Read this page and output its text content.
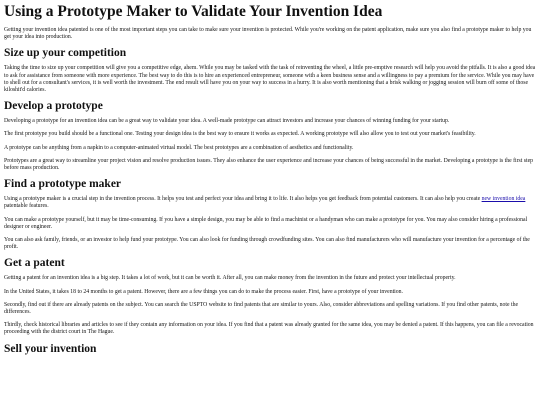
Using a Prototype Maker to Validate Your Invention Idea

Getting your invention idea patented is one of the most important steps you can take to make sure your invention is protected. While you're working on the patent application, make sure you also find a prototype maker to help you get your idea into production.

Size up your competition

Taking the time to size up your competition will give you a competitive edge, ahem. While you may be tasked with the task of reinventing the wheel, a little pre-emptive research will help you avoid the pitfalls. It is also a good idea to ask for assistance from someone with more experience. The best way to do this is to hire an experienced entrepreneur, someone with a keen business sense and a willingness to pay a premium for the service. While you may have to shell out for a consultant's services, it is well worth the investment. The end result will have you on your way to success in a hurry. It is also worth mentioning that a brisk walking or jogging session will burn off some of those kiloshit'd calories.

Develop a prototype

Developing a prototype for an invention idea can be a great way to validate your idea. A well-made prototype can attract investors and increase your chances of winning funding for your startup.

The first prototype you build should be a functional one. Testing your design idea is the best way to ensure it works as expected. A working prototype will also allow you to test out your market's feasibility.

A prototype can be anything from a napkin to a computer-animated virtual model. The best prototypes are a combination of aesthetics and functionality.

Prototypes are a great way to streamline your project vision and resolve production issues. They also enhance the user experience and increase your chances of being successful in the market. Developing a prototype is the first step before mass production.

Find a prototype maker

Using a prototype maker is a crucial step in the invention process. It helps you test and perfect your idea and bring it to life. It also helps you get feedback from potential customers. It can also help you create new invention idea patentable features.

You can make a prototype yourself, but it may be time-consuming. If you have a simple design, you may be able to find a machinist or a handyman who can make a prototype for you. You may also consider hiring a professional designer or engineer.

You can also ask family, friends, or an investor to help fund your prototype. You can also look for funding through crowdfunding sites. You can also find manufacturers who will manufacture your invention for a percentage of the profit.

Get a patent

Getting a patent for an invention idea is a big step. It takes a lot of work, but it can be worth it. After all, you can make money from the invention in the future and protect your intellectual property.

In the United States, it takes 18 to 24 months to get a patent. However, there are a few things you can do to make the process easier. First, have a prototype of your invention.

Secondly, find out if there are already patents on the subject. You can search the USPTO website to find patents that are similar to yours. Also, consider abbreviations and spelling variations. If you find other patents, note the differences.

Thirdly, check historical libraries and articles to see if they contain any information on your idea. If you find that a patent was already granted for the same idea, you may be denied a patent. If this happens, you can file a revocation proceeding with the district court in The Hague.

Sell your invention
